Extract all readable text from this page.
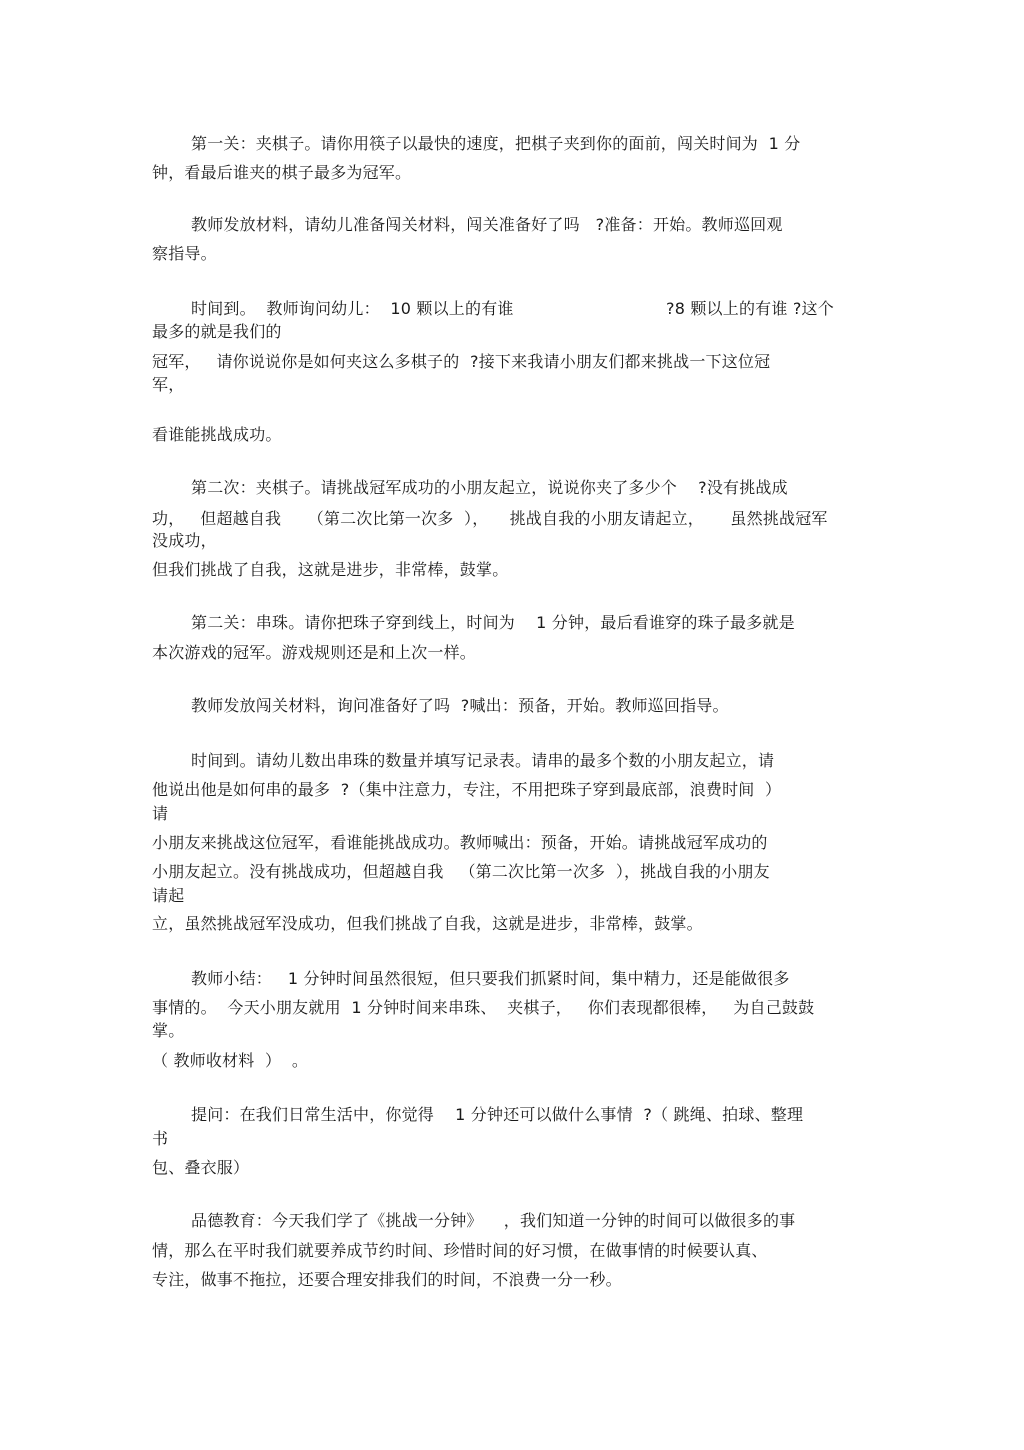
第一关：夹棋子。请你用筷子以最快的速度，把棋子夹到你的面前，闯关时间为  1 分
钟，看最后谁夹的棋子最多为冠军。
教师发放材料，请幼儿准备闯关材料，闯关准备好了吗   ?准备：开始。教师巡回观
察指导。
时间到。  教师询问幼儿：  10 颗以上的有谁	?8 颗以上的有谁 ?这个
最多的就是我们的
冠军，   请你说说你是如何夹这么多棋子的  ?接下来我请小朋友们都来挑战一下这位冠
军，
看谁能挑战成功。
第二次：夹棋子。请挑战冠军成功的小朋友起立，说说你夹了多少个    ?没有挑战成
功，   但超越自我     （第二次比第一次多  ），    挑战自我的小朋友请起立，     虽然挑战冠军
没成功，
但我们挑战了自我，这就是进步，非常棒，鼓掌。
第二关：串珠。请你把珠子穿到线上，时间为    1 分钟，最后看谁穿的珠子最多就是
本次游戏的冠军。游戏规则还是和上次一样。
教师发放闯关材料，询问准备好了吗  ?喊出：预备，开始。教师巡回指导。
时间到。请幼儿数出串珠的数量并填写记录表。请串的最多个数的小朋友起立，请
他说出他是如何串的最多  ?（集中注意力，专注，不用把珠子穿到最底部，浪费时间  ）
请
小朋友来挑战这位冠军，看谁能挑战成功。教师喊出：预备，开始。请挑战冠军成功的
小朋友起立。没有挑战成功，但超越自我   （第二次比第一次多  ），挑战自我的小朋友
请起
立，虽然挑战冠军没成功，但我们挑战了自我，这就是进步，非常棒，鼓掌。
教师小结：   1 分钟时间虽然很短，但只要我们抓紧时间，集中精力，还是能做很多
事情的。  今天小朋友就用  1 分钟时间来串珠、  夹棋子，   你们表现都很棒，   为自己鼓鼓
掌。
（ 教师收材料  ）  。
提问：在我们日常生活中，你觉得    1 分钟还可以做什么事情  ?（ 跳绳、拍球、整理
书
包、叠衣服）
品德教育：今天我们学了《挑战一分钟》    ，我们知道一分钟的时间可以做很多的事
情，那么在平时我们就要养成节约时间、珍惜时间的好习惯，在做事情的时候要认真、
专注，做事不拖拉，还要合理安排我们的时间，不浪费一分一秒。
